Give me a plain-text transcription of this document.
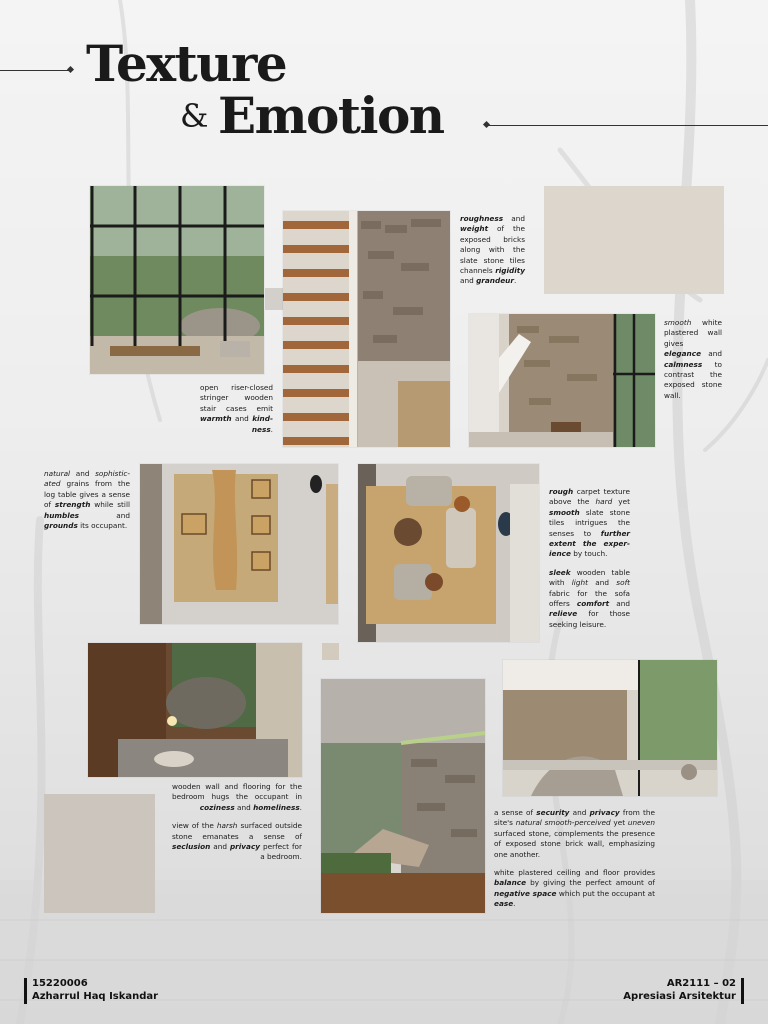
Texture
& Emotion
open riser-closed stringer wooden stair cases emit warmth and kind-ness.
roughness and weight of the exposed bricks along with the slate stone tiles channels rigidity and grandeur.
smooth white plastered wall gives elegance and calmness to contrast the exposed stone wall.
natural and sophistic-ated grains from the log table gives a sense of strength while still humbles and grounds its occupant.

rough carpet texture above the hard yet smooth slate stone tiles intrigues the senses to further extent the exper-ience by touch.

sleek wooden table with light and soft fabric for the sofa offers comfort and relieve for those seeking leisure.

wooden wall and flooring for the bedroom hugs the occupant in coziness and homeliness.

view of the harsh surfaced outside stone emanates a sense of seclusion and privacy perfect for a bedroom.

a sense of security and privacy from the site's natural smooth-perceived yet uneven surfaced stone, complements the presence of exposed stone brick wall, emphasizing one another.

white plastered ceiling and floor provides balance by giving the perfect amount of negative space which put the occupant at ease.

15220006
Azharrul Haq Iskandar
AR2111 – 02
Apresiasi Arsitektur
